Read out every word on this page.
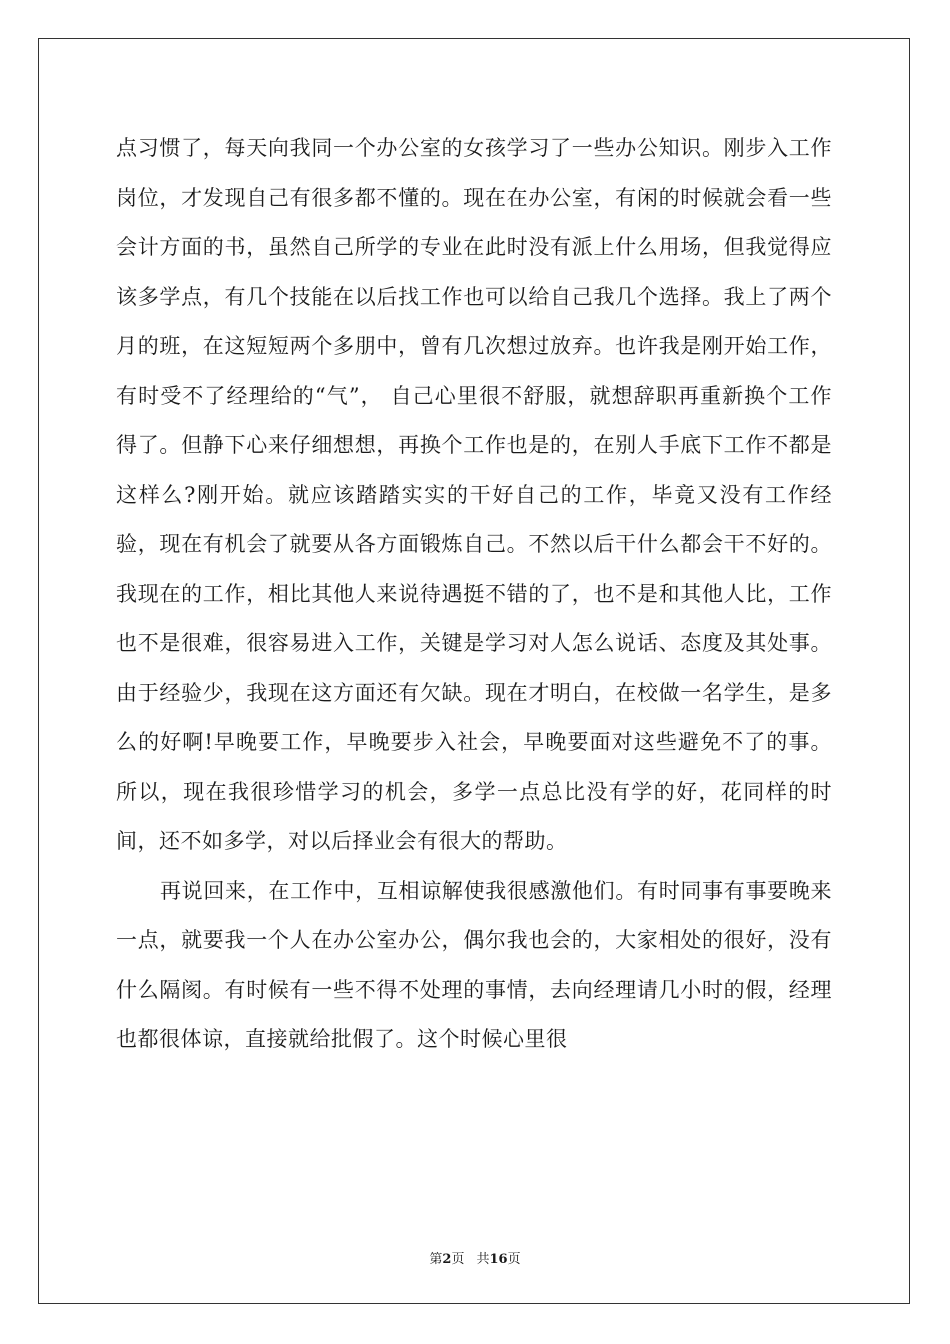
点习惯了，每天向我同一个办公室的女孩学习了一些办公知识。刚步入工作岗位，才发现自己有很多都不懂的。现在在办公室，有闲的时候就会看一些会计方面的书，虽然自己所学的专业在此时没有派上什么用场，但我觉得应该多学点，有几个技能在以后找工作也可以给自己我几个选择。我上了两个月的班，在这短短两个多朋中，曾有几次想过放弃。也许我是刚开始工作，有时受不了经理给的“气”， 自己心里很不舒服，就想辞职再重新换个工作得了。但静下心来仔细想想，再换个工作也是的，在别人手底下工作不都是这样么?刚开始。就应该踏踏实实的干好自己的工作，毕竟又没有工作经验，现在有机会了就要从各方面锻炼自己。不然以后干什么都会干不好的。我现在的工作，相比其他人来说待遇挺不错的了，也不是和其他人比，工作也不是很难，很容易进入工作，关键是学习对人怎么说话、态度及其处事。由于经验少，我现在这方面还有欠缺。现在才明白，在校做一名学生，是多么的好啊!早晚要工作，早晚要步入社会，早晚要面对这些避免不了的事。所以，现在我很珍惜学习的机会，多学一点总比没有学的好，花同样的时间，还不如多学，对以后择业会有很大的帮助。

再说回来，在工作中，互相谅解使我很感激他们。有时同事有事要晚来一点，就要我一个人在办公室办公，偶尔我也会的，大家相处的很好，没有什么隔阂。有时候有一些不得不处理的事情，去向经理请几小时的假，经理也都很体谅，直接就给批假了。这个时候心里很

第2页 共16页
